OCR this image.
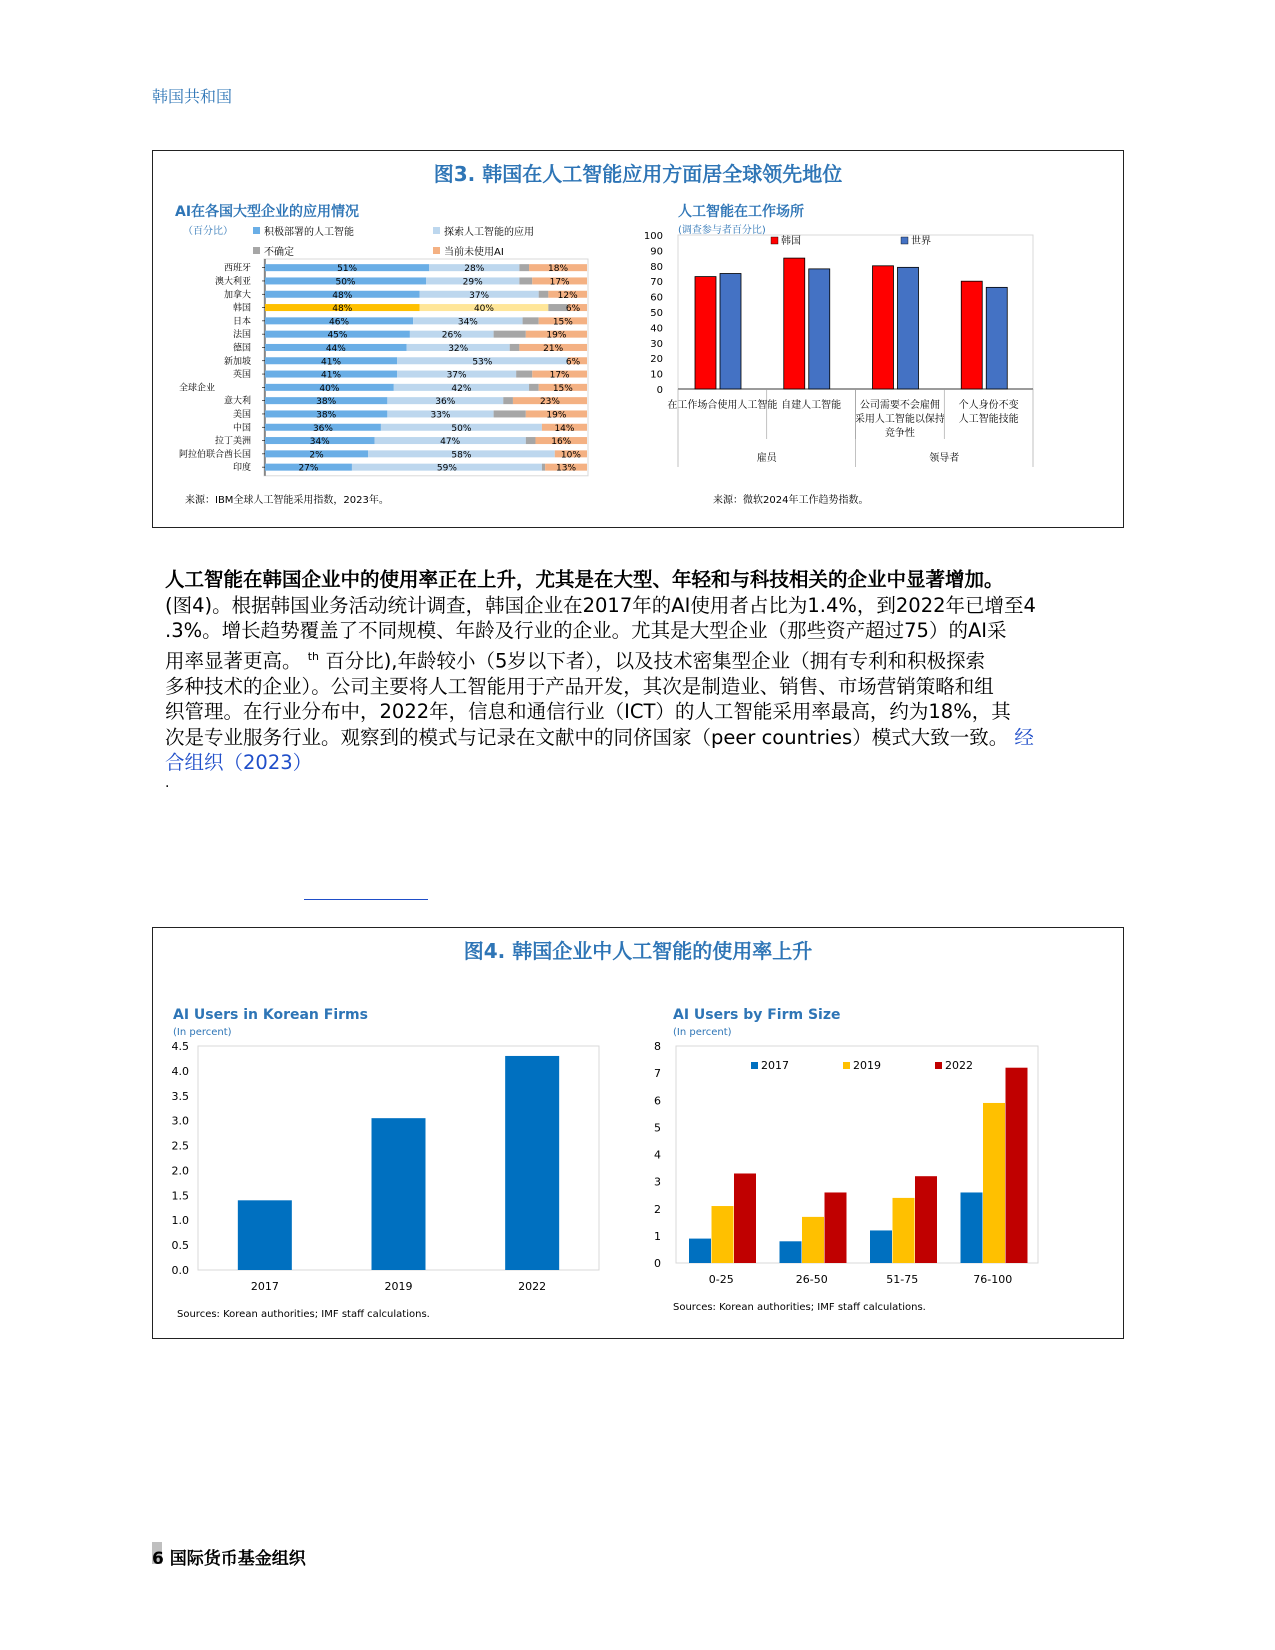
韩国共和国
图3. 韩国在人工智能应用方面居全球领先地位
AI在各国大型企业的应用情况
（百分比）	积极部署的人工智能	探索人工智能的应用
不确定	当前未使用AI
西班牙	51%	28%	18%
澳大利亚	50%	29%	17%
加拿大	48%	37%	12%
韩国	48%	40%	6%
日本	46%	34%	15%
法国	45%	26%	19%
德国	44%	32%	21%
新加坡	41%	53%	6%
英国	41%	37%	17%
全球企业	40%	42%	15%
意大利	38%	36%	23%
美国	38%	33%	19%
中国	36%	50%	14%
拉丁美洲	34%	47%	16%
阿拉伯联合酋长国	2%	58%	10%
印度	27%	59%	13%
来源：IBM全球人工智能采用指数，2023年。
人工智能在工作场所
(调查参与者百分比)
0
10
20
30
40
50
60
70
80
90
100	韩国	世界
在工作场合使用人工智能 自建人工智能 公司需要不会雇佣
采用人工智能以保持
竞争性
个人身份不变
人工智能技能
雇员	领导者
来源：微软2024年工作趋势指数。
人工智能在韩国企业中的使用率正在上升，尤其是在大型、年轻和与科技相关的企业中显著增加。
(图4)。根据韩国业务活动统计调查，韩国企业在2017年的AI使用者占比为1.4%，到2022年已增至4
.3%。增长趋势覆盖了不同规模、年龄及行业的企业。尤其是大型企业（那些资产超过75）的AI采
用率显著更高。 $^{th}$ 百分比),年龄较小（5岁以下者），以及技术密集型企业（拥有专利和积极探索
多种技术的企业）。公司主要将人工智能用于产品开发，其次是制造业、销售、市场营销策略和组
织管理。在行业分布中，2022年，信息和通信行业（ICT）的人工智能采用率最高，约为18%，其
次是专业服务行业。观察到的模式与记录在文献中的同侪国家（peer countries）模式大致一致。 经
合组织（2023）
.
图4. 韩国企业中人工智能的使用率上升
AI Users in Korean Firms
(In percent)
0.0
0.5
1.0
1.5
2.0
2.5
3.0
3.5
4.0
4.5
2017	2019	2022
Sources: Korean authorities; IMF staff calculations.
AI Users by Firm Size
(In percent)
0
1
2
3
4
5
6
7
8
2017	2019	2022
0-25	26-50	51-75	76-100
Sources: Korean authorities; IMF staff calculations.
6 国际货币基金组织
